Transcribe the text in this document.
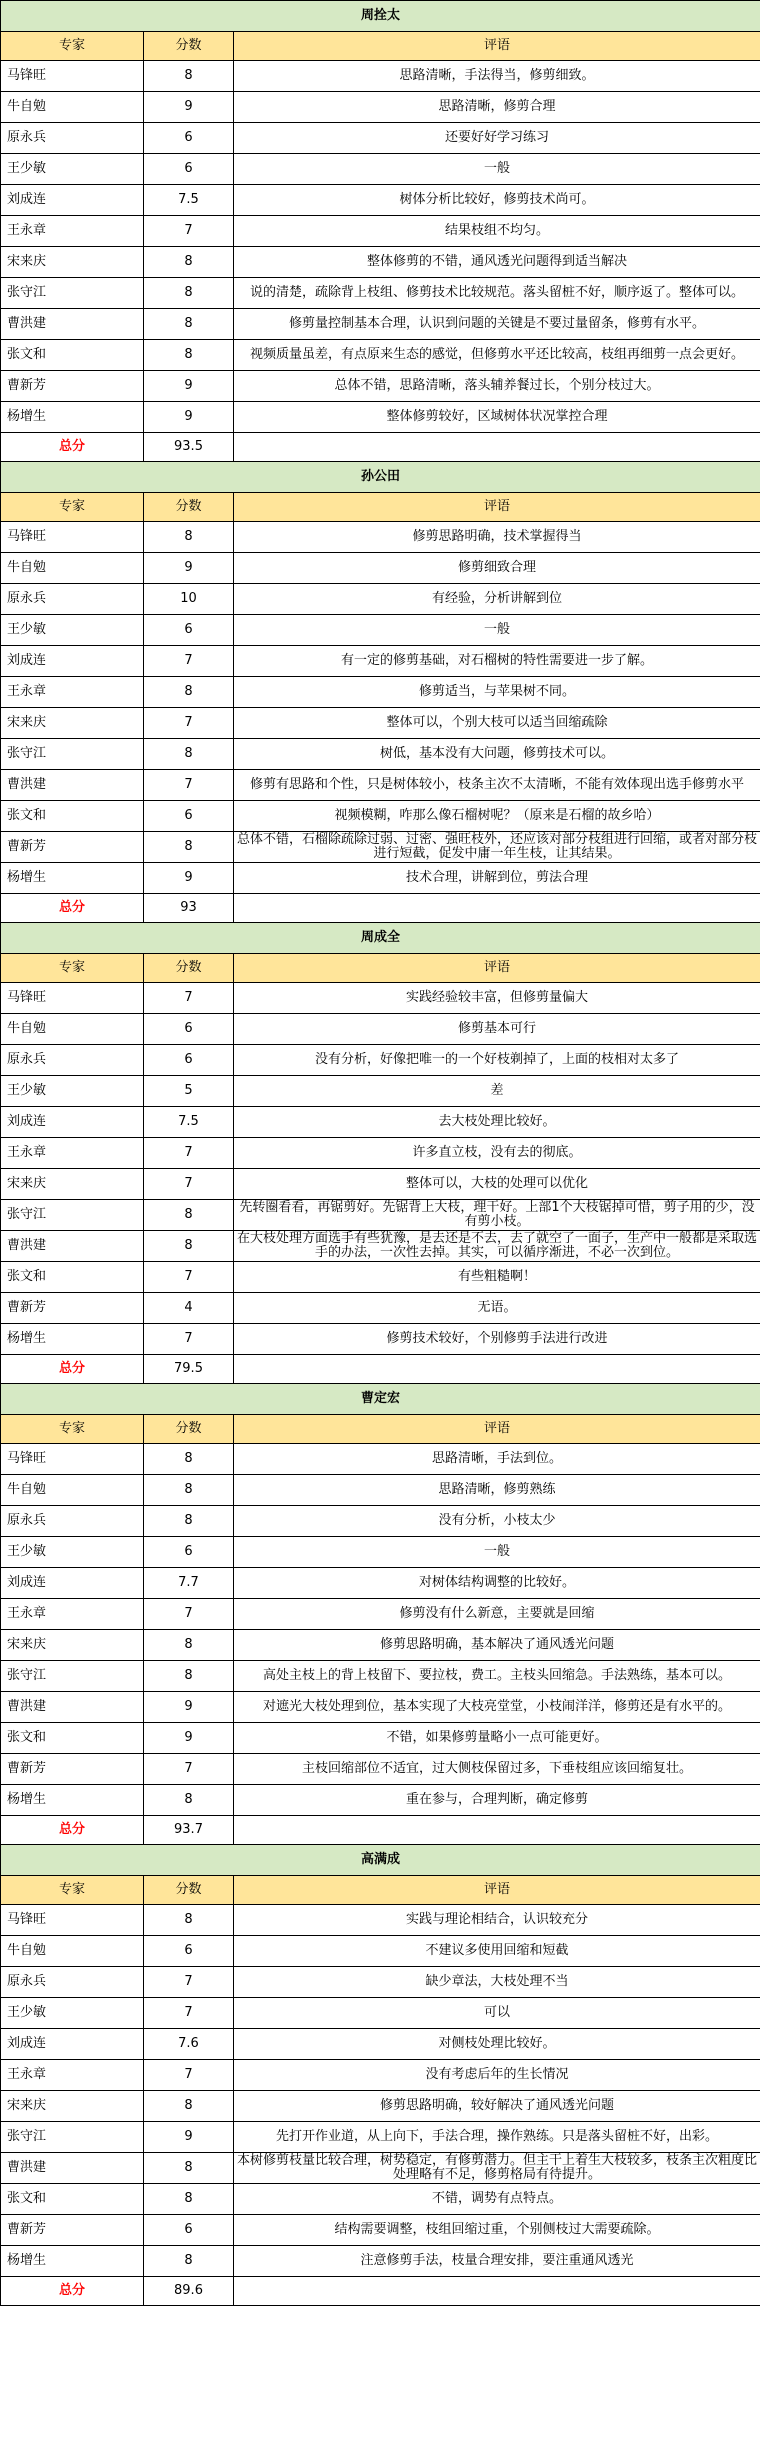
周拴太		
专家	分数	评语
马锋旺	8	思路清晰，手法得当，修剪细致。
牛自勉	9	思路清晰，修剪合理
原永兵	6	还要好好学习练习
王少敏	6	一般
刘成连	7.5	树体分析比较好，修剪技术尚可。
王永章	7	结果枝组不均匀。
宋来庆	8	整体修剪的不错，通风透光问题得到适当解决
张守江	8	说的清楚，疏除背上枝组、修剪技术比较规范。落头留桩不好，顺序返了。整体可以。
曹洪建	8	修剪量控制基本合理，认识到问题的关键是不要过量留条，修剪有水平。
张文和	8	视频质量虽差，有点原来生态的感觉，但修剪水平还比较高，枝组再细剪一点会更好。
曹新芳	9	总体不错，思路清晰，落头辅养餐过长，个别分枝过大。
杨增生	9	整体修剪较好，区域树体状况掌控合理
总分	93.5	
孙公田		
专家	分数	评语
马锋旺	8	修剪思路明确，技术掌握得当
牛自勉	9	修剪细致合理
原永兵	10	有经验，分析讲解到位
王少敏	6	一般
刘成连	7	有一定的修剪基础，对石榴树的特性需要进一步了解。
王永章	8	修剪适当，与苹果树不同。
宋来庆	7	整体可以，个别大枝可以适当回缩疏除
张守江	8	树低，基本没有大问题，修剪技术可以。
曹洪建	7	修剪有思路和个性，只是树体较小，枝条主次不太清晰，不能有效体现出选手修剪水平
张文和	6	视频模糊，咋那么像石榴树呢？（原来是石榴的故乡哈）
曹新芳	8	总体不错，石榴除疏除过弱、过密、强旺枝外，还应该对部分枝组进行回缩，或者对部分枝进行短截，促发中庸一年生枝，让其结果。
杨增生	9	技术合理，讲解到位，剪法合理
总分	93	
周成全		
专家	分数	评语
马锋旺	7	实践经验较丰富，但修剪量偏大
牛自勉	6	修剪基本可行
原永兵	6	没有分析，好像把唯一的一个好枝剃掉了，上面的枝相对太多了
王少敏	5	差
刘成连	7.5	去大枝处理比较好。
王永章	7	许多直立枝，没有去的彻底。
宋来庆	7	整体可以，大枝的处理可以优化
张守江	8	先转圈看看，再锯剪好。先锯背上大枝，理干好。上部1个大枝锯掉可惜，剪子用的少，没有剪小枝。
曹洪建	8	在大枝处理方面选手有些犹豫，是去还是不去，去了就空了一面子，生产中一般都是采取选手的办法，一次性去掉。其实，可以循序渐进，不必一次到位。
张文和	7	有些粗糙啊！
曹新芳	4	无语。
杨增生	7	修剪技术较好，个别修剪手法进行改进
总分	79.5	
曹定宏		
专家	分数	评语
马锋旺	8	思路清晰，手法到位。
牛自勉	8	思路清晰，修剪熟练
原永兵	8	没有分析，小枝太少
王少敏	6	一般
刘成连	7.7	对树体结构调整的比较好。
王永章	7	修剪没有什么新意，主要就是回缩
宋来庆	8	修剪思路明确，基本解决了通风透光问题
张守江	8	高处主枝上的背上枝留下、要拉枝，费工。主枝头回缩急。手法熟练，基本可以。
曹洪建	9	对遮光大枝处理到位，基本实现了大枝亮堂堂，小枝闹洋洋，修剪还是有水平的。
张文和	9	不错，如果修剪量略小一点可能更好。
曹新芳	7	主枝回缩部位不适宜，过大侧枝保留过多，下垂枝组应该回缩复壮。
杨增生	8	重在参与，合理判断，确定修剪
总分	93.7	
高满成		
专家	分数	评语
马锋旺	8	实践与理论相结合，认识较充分
牛自勉	6	不建议多使用回缩和短截
原永兵	7	缺少章法，大枝处理不当
王少敏	7	可以
刘成连	7.6	对侧枝处理比较好。
王永章	7	没有考虑后年的生长情况
宋来庆	8	修剪思路明确，较好解决了通风透光问题
张守江	9	先打开作业道，从上向下，手法合理，操作熟练。只是落头留桩不好，出彩。
曹洪建	8	本树修剪枝量比较合理，树势稳定，有修剪潜力。但主干上着生大枝较多，枝条主次粗度比处理略有不足，修剪格局有待提升。
张文和	8	不错，调势有点特点。
曹新芳	6	结构需要调整，枝组回缩过重，个别侧枝过大需要疏除。
杨增生	8	注意修剪手法，枝量合理安排，要注重通风透光
总分	89.6	
